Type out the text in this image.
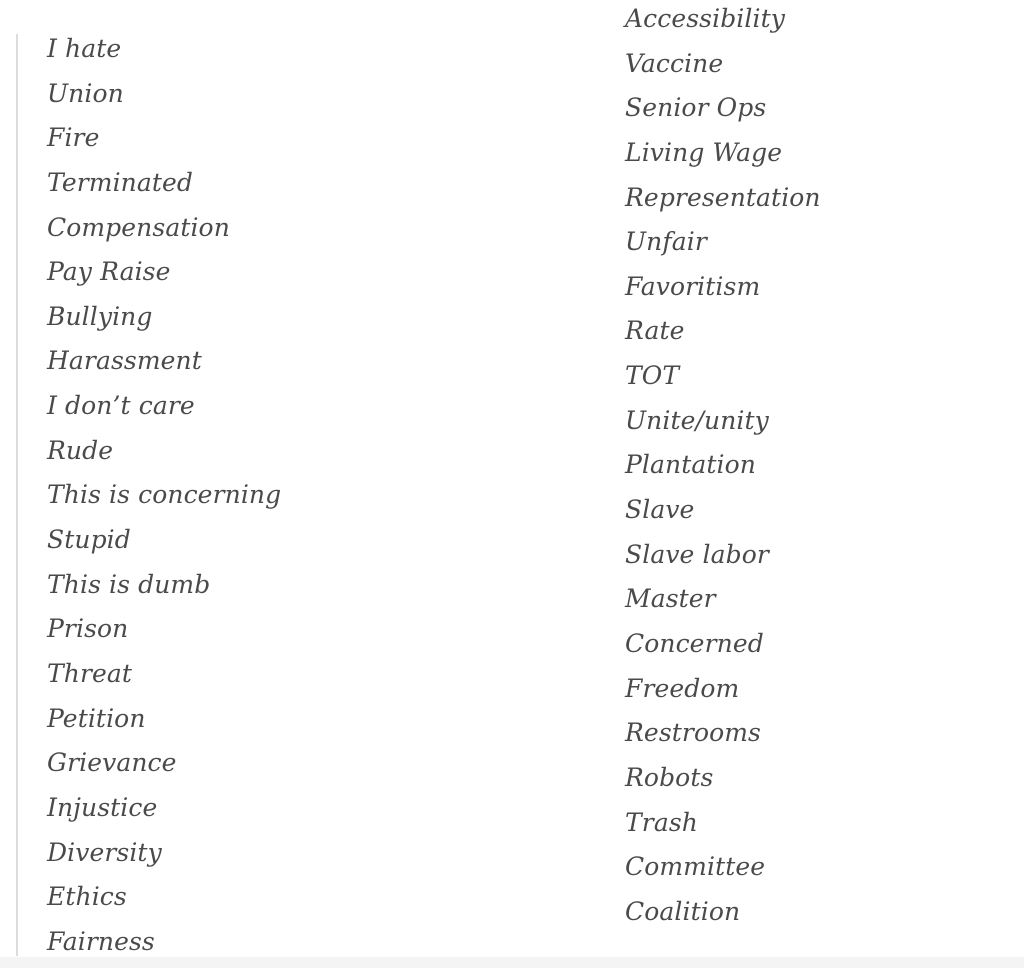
I hate
Union
Fire
Terminated
Compensation
Pay Raise
Bullying
Harassment
I don’t care
Rude
This is concerning
Stupid
This is dumb
Prison
Threat
Petition
Grievance
Injustice
Diversity
Ethics
Fairness
Accessibility
Vaccine
Senior Ops
Living Wage
Representation
Unfair
Favoritism
Rate
TOT
Unite/unity
Plantation
Slave
Slave labor
Master
Concerned
Freedom
Restrooms
Robots
Trash
Committee
Coalition
